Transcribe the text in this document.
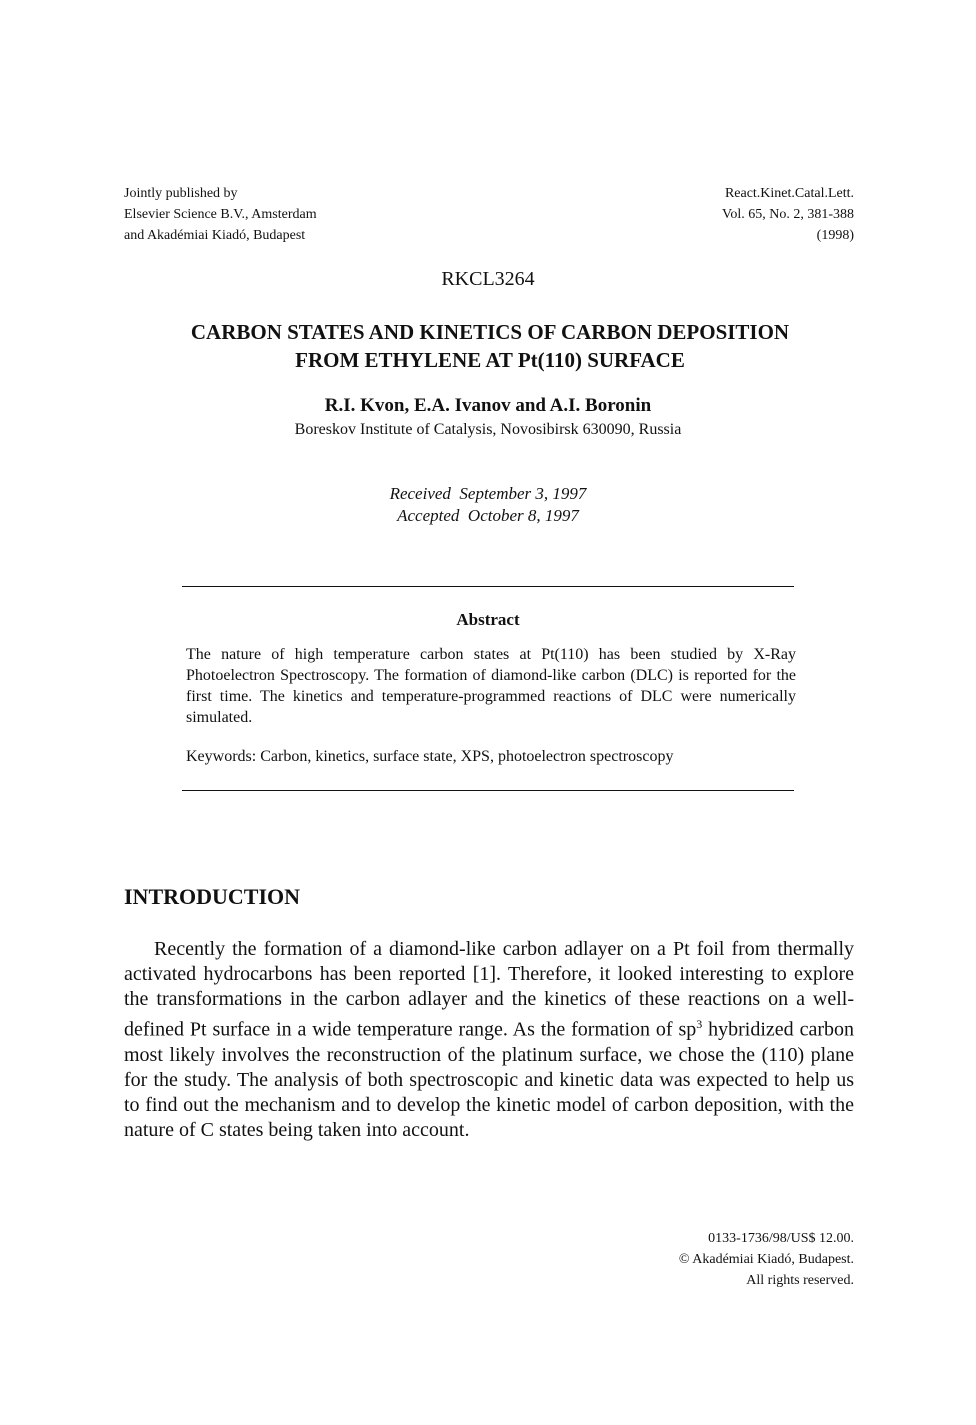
Jointly published by
Elsevier Science B.V., Amsterdam
and Akadémiai Kiadó, Budapest
React.Kinet.Catal.Lett.
Vol. 65, No. 2, 381-388
(1998)
RKCL3264
CARBON STATES AND KINETICS OF CARBON DEPOSITION
FROM ETHYLENE AT Pt(110) SURFACE
R.I. Kvon, E.A. Ivanov and A.I. Boronin
Boreskov Institute of Catalysis, Novosibirsk 630090, Russia
Received  September 3, 1997
Accepted  October 8, 1997
Abstract
The nature of high temperature carbon states at Pt(110) has been studied by X-Ray Photoelectron Spectroscopy. The formation of diamond-like carbon (DLC) is reported for the first time. The kinetics and temperature-programmed reactions of DLC were numerically simulated.
Keywords: Carbon, kinetics, surface state, XPS, photoelectron spectroscopy
INTRODUCTION

Recently the formation of a diamond-like carbon adlayer on a Pt foil from thermally activated hydrocarbons has been reported [1]. Therefore, it looked interesting to explore the transformations in the carbon adlayer and the kinetics of these reactions on a well-defined Pt surface in a wide temperature range. As the formation of $sp^3$ hybridized carbon most likely involves the reconstruction of the platinum surface, we chose the (110) plane for the study. The analysis of both spectroscopic and kinetic data was expected to help us to find out the mechanism and to develop the kinetic model of carbon deposition, with the nature of C states being taken into account.

0133-1736/98/US$ 12.00.
© Akadémiai Kiadó, Budapest.
All rights reserved.
